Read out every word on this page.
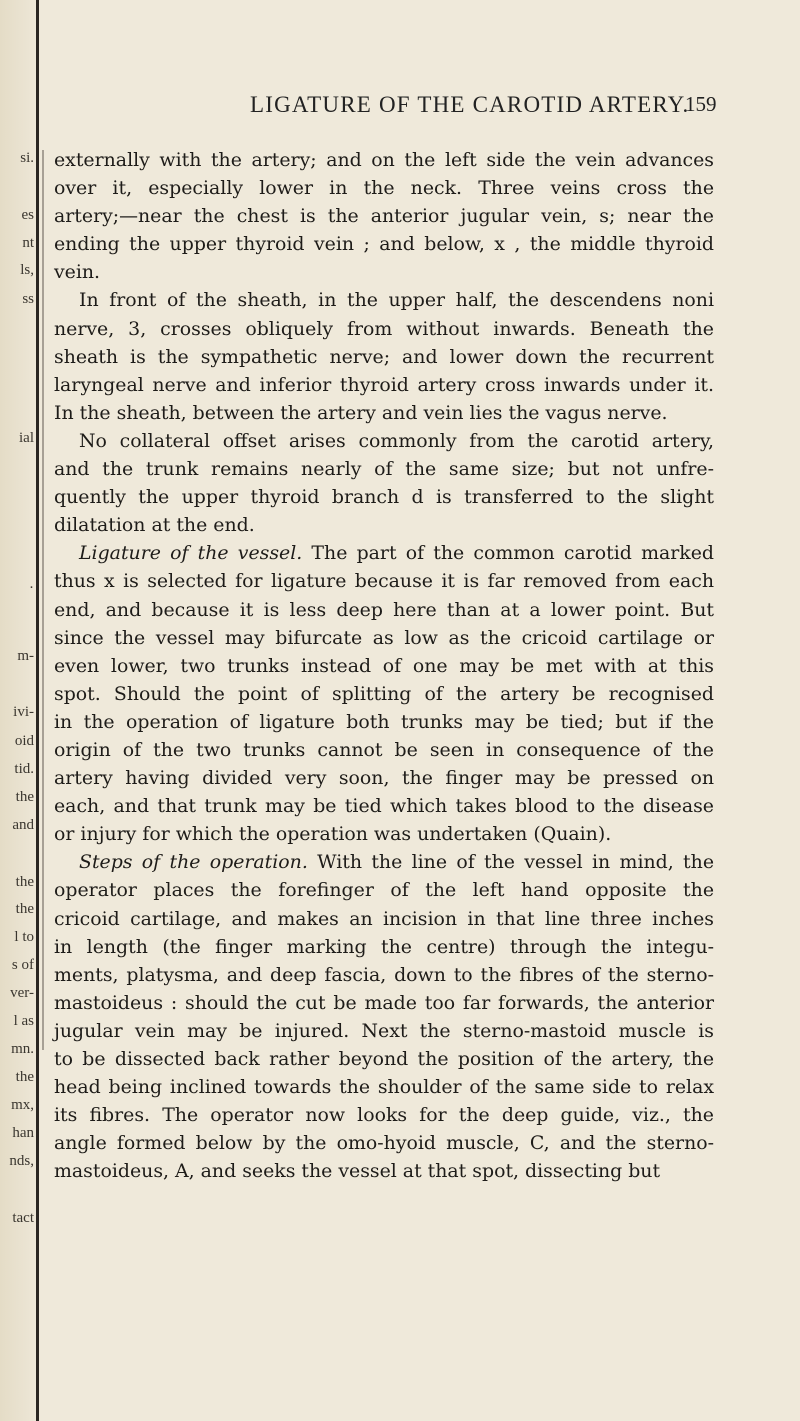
si.
es
nt
ls,
ss
ial
·
m-
ivi-
oid
tid.
the
and
the
the
l to
s of
ver-
l as
mn.
the
mx,
han
nds,
tact
LIGATURE OF THE CAROTID ARTERY.
159

externally with the artery; and on the left side the vein advances
over it, especially lower in the neck. Three veins cross the
artery;—near the chest is the anterior jugular vein, s; near the
ending the upper thyroid vein ; and below, x , the middle thyroid
vein.

In front of the sheath, in the upper half, the descendens noni
nerve, 3, crosses obliquely from without inwards. Beneath the
sheath is the sympathetic nerve; and lower down the recurrent
laryngeal nerve and inferior thyroid artery cross inwards under it.
In the sheath, between the artery and vein lies the vagus nerve.

No collateral offset arises commonly from the carotid artery,
and the trunk remains nearly of the same size; but not unfre-
quently the upper thyroid branch d is transferred to the slight
dilatation at the end.

Ligature of the vessel. The part of the common carotid marked
thus x is selected for ligature because it is far removed from each
end, and because it is less deep here than at a lower point. But
since the vessel may bifurcate as low as the cricoid cartilage or
even lower, two trunks instead of one may be met with at this
spot. Should the point of splitting of the artery be recognised
in the operation of ligature both trunks may be tied; but if the
origin of the two trunks cannot be seen in consequence of the
artery having divided very soon, the finger may be pressed on
each, and that trunk may be tied which takes blood to the disease
or injury for which the operation was undertaken (Quain).

Steps of the operation. With the line of the vessel in mind, the
operator places the forefinger of the left hand opposite the
cricoid cartilage, and makes an incision in that line three inches
in length (the finger marking the centre) through the integu-
ments, platysma, and deep fascia, down to the fibres of the sterno-
mastoideus : should the cut be made too far forwards, the anterior
jugular vein may be injured. Next the sterno-mastoid muscle is
to be dissected back rather beyond the position of the artery, the
head being inclined towards the shoulder of the same side to relax
its fibres. The operator now looks for the deep guide, viz., the
angle formed below by the omo-hyoid muscle, C, and the sterno-
mastoideus, A, and seeks the vessel at that spot, dissecting but
